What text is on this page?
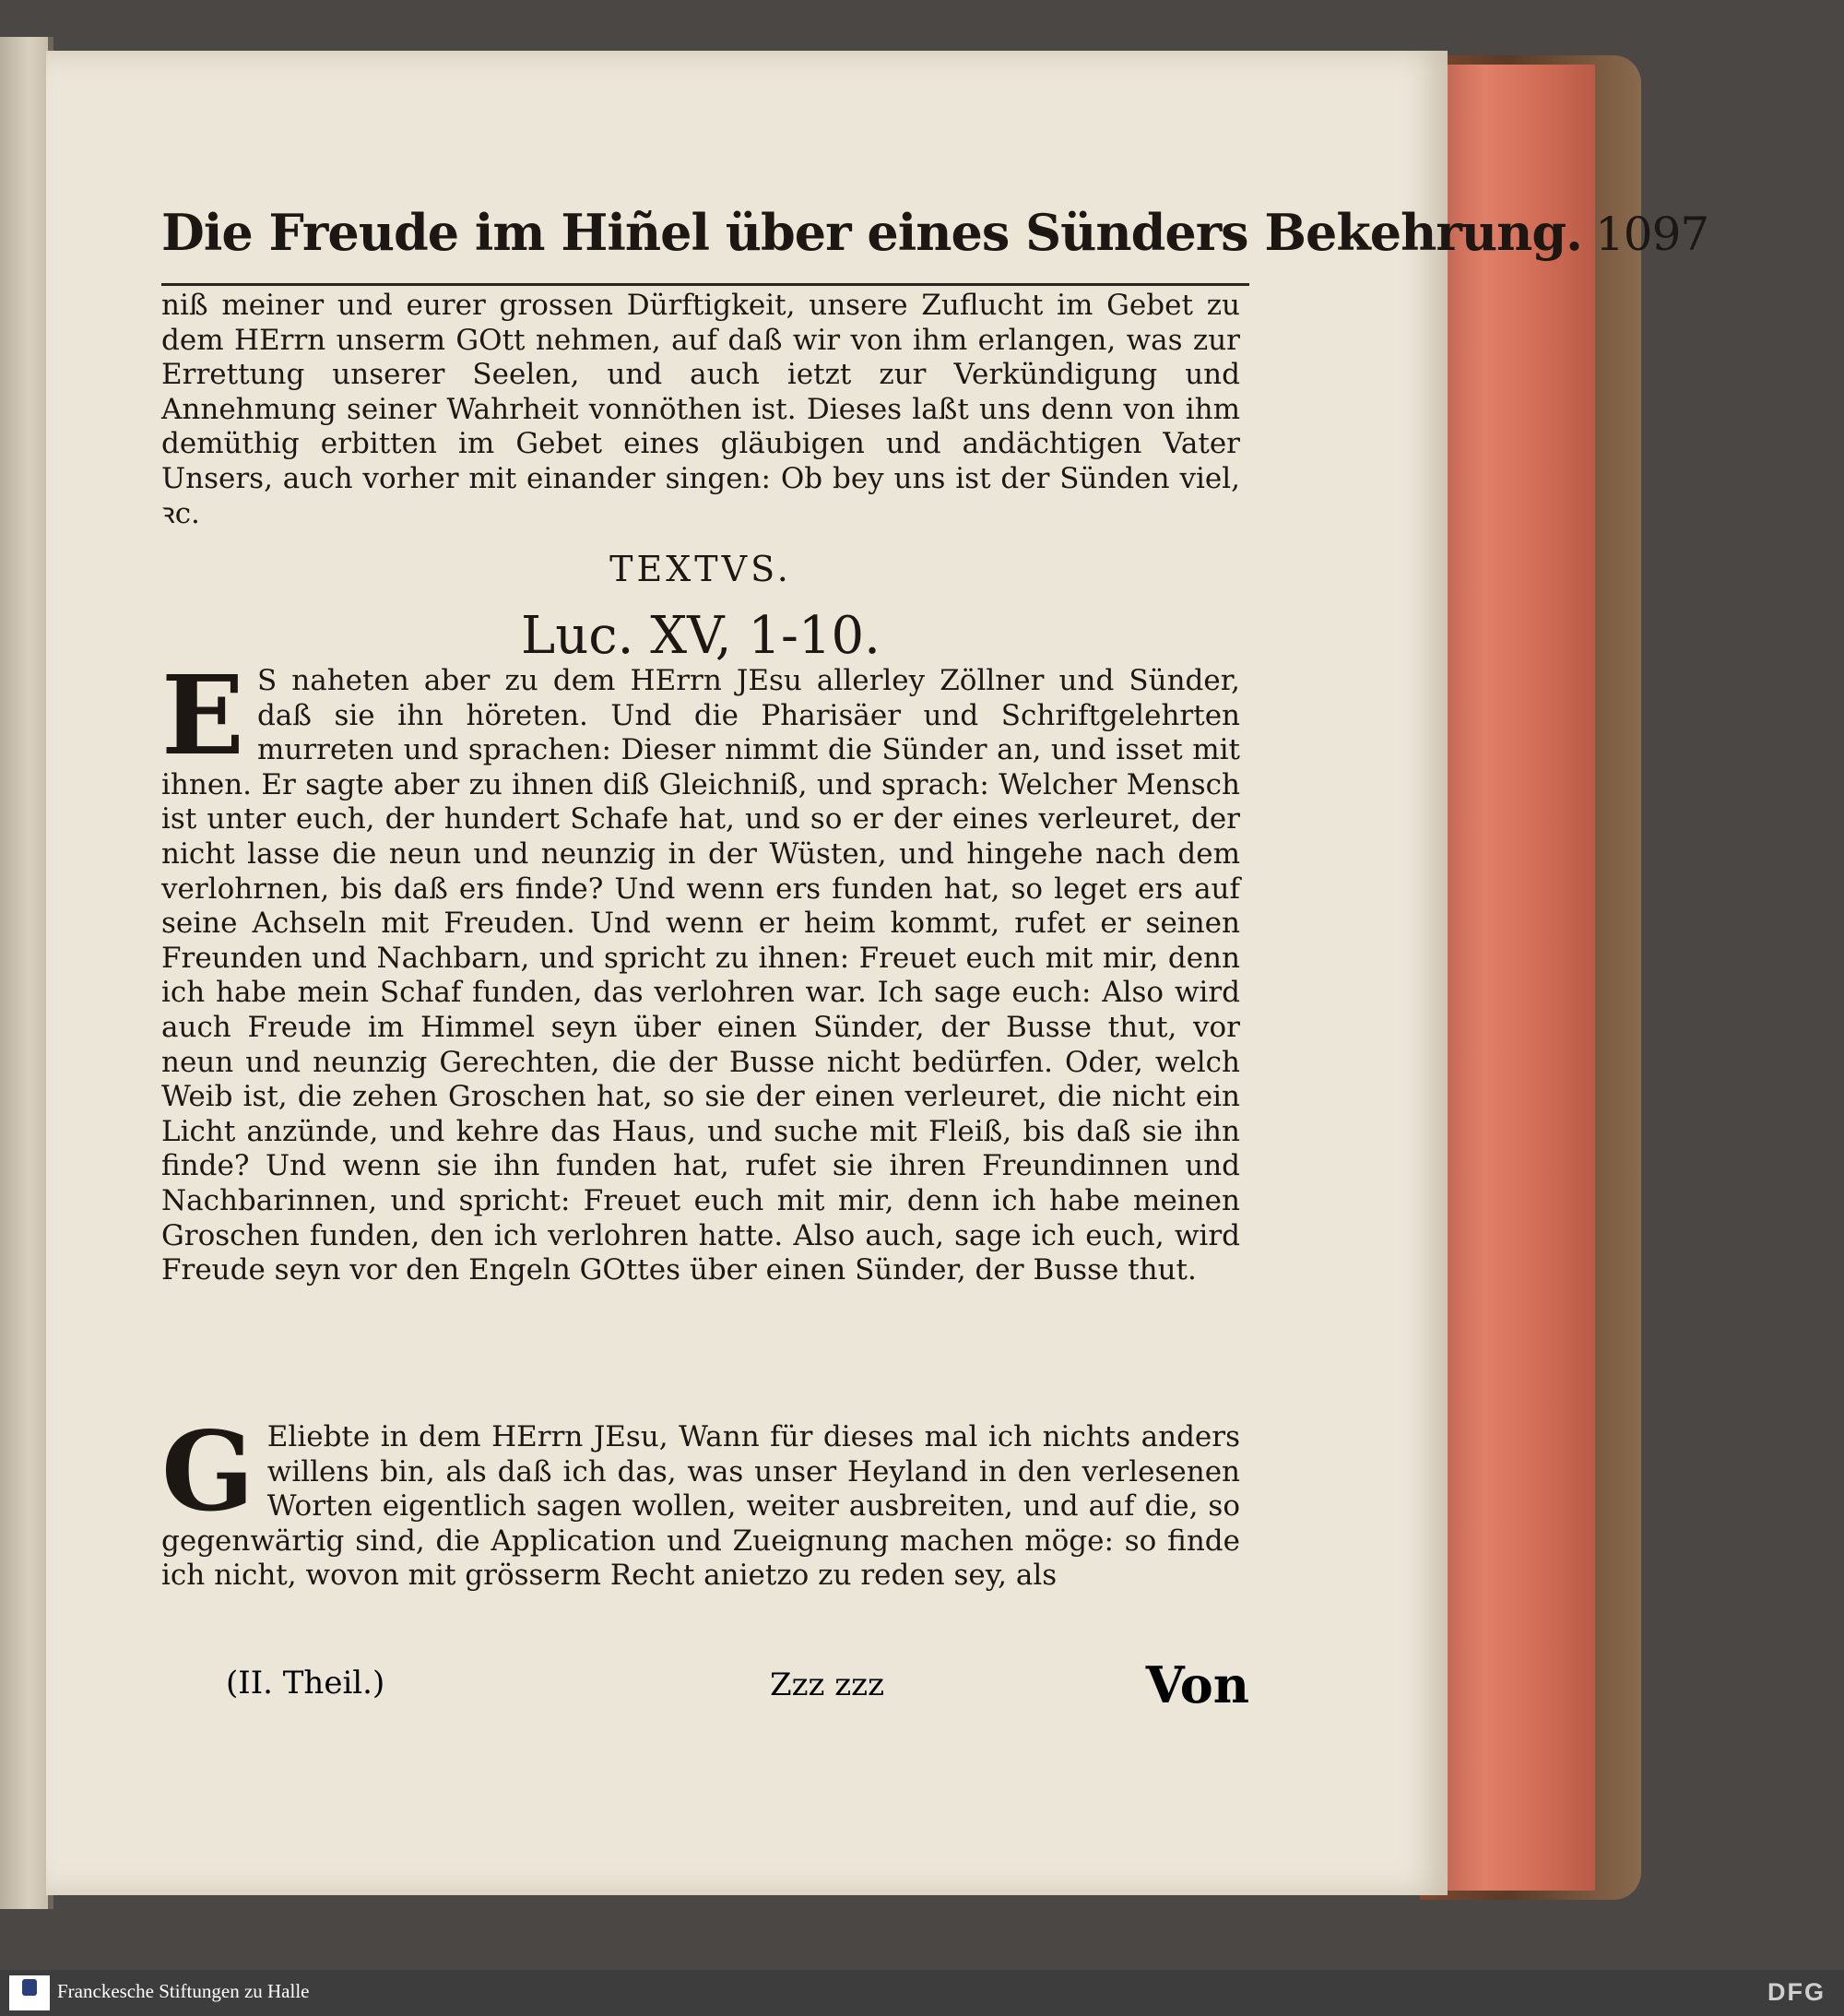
Die Freude im Hiñel über eines Sünders Bekehrung. 1097
niß meiner und eurer grossen Dürftigkeit, unsere Zuflucht im Gebet zu dem HErrn unserm GOtt nehmen, auf daß wir von ihm erlangen, was zur Errettung unserer Seelen, und auch ietzt zur Verkündigung und Annehmung seiner Wahrheit vonnöthen ist. Dieses laßt uns denn von ihm demüthig erbitten im Gebet eines gläubigen und andächtigen Vater Unsers, auch vorher mit einander singen: Ob bey uns ist der Sünden viel, ꝛc.
TEXTVS.
Luc. XV, 1-10.
E S naheten aber zu dem HErrn JEsu allerley Zöllner und Sünder, daß sie ihn höreten. Und die Pharisäer und Schriftgelehrten murreten und sprachen: Dieser nimmt die Sünder an, und isset mit ihnen. Er sagte aber zu ihnen diß Gleichniß, und sprach: Welcher Mensch ist unter euch, der hundert Schafe hat, und so er der eines verleuret, der nicht lasse die neun und neunzig in der Wüsten, und hingehe nach dem verlohrnen, bis daß ers finde? Und wenn ers funden hat, so leget ers auf seine Achseln mit Freuden. Und wenn er heim kommt, rufet er seinen Freunden und Nachbarn, und spricht zu ihnen: Freuet euch mit mir, denn ich habe mein Schaf funden, das verlohren war. Ich sage euch: Also wird auch Freude im Himmel seyn über einen Sünder, der Busse thut, vor neun und neunzig Gerechten, die der Busse nicht bedürfen. Oder, welch Weib ist, die zehen Groschen hat, so sie der einen verleuret, die nicht ein Licht anzünde, und kehre das Haus, und suche mit Fleiß, bis daß sie ihn finde? Und wenn sie ihn funden hat, rufet sie ihren Freundinnen und Nachbarinnen, und spricht: Freuet euch mit mir, denn ich habe meinen Groschen funden, den ich verlohren hatte. Also auch, sage ich euch, wird Freude seyn vor den Engeln GOttes über einen Sünder, der Busse thut.
G Eliebte in dem HErrn JEsu, Wann für dieses mal ich nichts anders willens bin, als daß ich das, was unser Heyland in den verlesenen Worten eigentlich sagen wollen, weiter ausbreiten, und auf die, so gegenwärtig sind, die Application und Zueignung machen möge: so finde ich nicht, wovon mit grösserm Recht anietzo zu reden sey, als
(II. Theil.)	Zzz zzz	Von
Franckesche Stiftungen zu Halle	DFG
